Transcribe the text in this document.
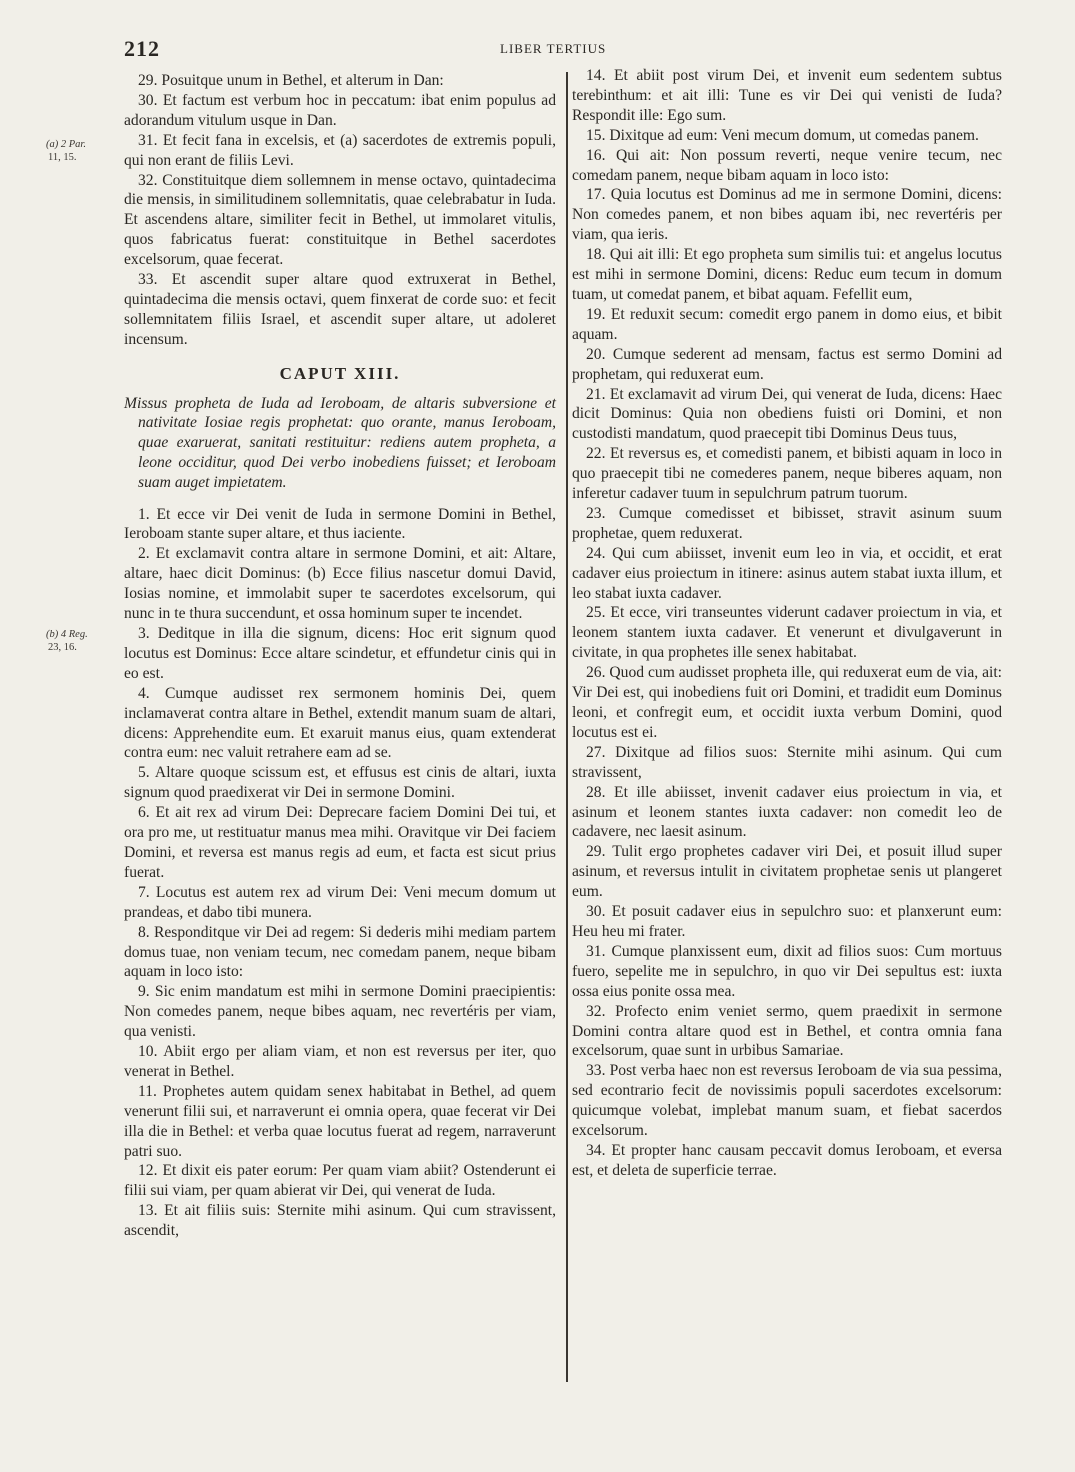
212	LIBER TERTIUS
(a) 2 Par.
11, 15.
(b) 4 Reg.
23, 16.

29. Posuitque unum in Bethel, et alterum in Dan:

30. Et factum est verbum hoc in peccatum: ibat enim populus ad adorandum vitulum usque in Dan.

31. Et fecit fana in excelsis, et (a) sacerdotes de extremis populi, qui non erant de filiis Levi.

32. Constituitque diem sollemnem in mense octavo, quintadecima die mensis, in similitudinem sollemnitatis, quae celebrabatur in Iuda. Et ascendens altare, similiter fecit in Bethel, ut immolaret vitulis, quos fabricatus fuerat: constituitque in Bethel sacerdotes excelsorum, quae fecerat.

33. Et ascendit super altare quod extruxerat in Bethel, quintadecima die mensis octavi, quem finxerat de corde suo: et fecit sollemnitatem filiis Israel, et ascendit super altare, ut adoleret incensum.

CAPUT XIII.

Missus propheta de Iuda ad Ieroboam, de altaris subversione et nativitate Iosiae regis prophetat: quo orante, manus Ieroboam, quae exaruerat, sanitati restituitur: rediens autem propheta, a leone occiditur, quod Dei verbo inobediens fuisset; et Ieroboam suam auget impietatem.

1. Et ecce vir Dei venit de Iuda in sermone Domini in Bethel, Ieroboam stante super altare, et thus iaciente.

2. Et exclamavit contra altare in sermone Domini, et ait: Altare, altare, haec dicit Dominus: (b) Ecce filius nascetur domui David, Iosias nomine, et immolabit super te sacerdotes excelsorum, qui nunc in te thura succendunt, et ossa hominum super te incendet.

3. Deditque in illa die signum, dicens: Hoc erit signum quod locutus est Dominus: Ecce altare scindetur, et effundetur cinis qui in eo est.

4. Cumque audisset rex sermonem hominis Dei, quem inclamaverat contra altare in Bethel, extendit manum suam de altari, dicens: Apprehendite eum. Et exaruit manus eius, quam extenderat contra eum: nec valuit retrahere eam ad se.

5. Altare quoque scissum est, et effusus est cinis de altari, iuxta signum quod praedixerat vir Dei in sermone Domini.

6. Et ait rex ad virum Dei: Deprecare faciem Domini Dei tui, et ora pro me, ut restituatur manus mea mihi. Oravitque vir Dei faciem Domini, et reversa est manus regis ad eum, et facta est sicut prius fuerat.

7. Locutus est autem rex ad virum Dei: Veni mecum domum ut prandeas, et dabo tibi munera.

8. Responditque vir Dei ad regem: Si dederis mihi mediam partem domus tuae, non veniam tecum, nec comedam panem, neque bibam aquam in loco isto:

9. Sic enim mandatum est mihi in sermone Domini praecipientis: Non comedes panem, neque bibes aquam, nec revertéris per viam, qua venisti.

10. Abiit ergo per aliam viam, et non est reversus per iter, quo venerat in Bethel.

11. Prophetes autem quidam senex habitabat in Bethel, ad quem venerunt filii sui, et narraverunt ei omnia opera, quae fecerat vir Dei illa die in Bethel: et verba quae locutus fuerat ad regem, narraverunt patri suo.

12. Et dixit eis pater eorum: Per quam viam abiit? Ostenderunt ei filii sui viam, per quam abierat vir Dei, qui venerat de Iuda.

13. Et ait filiis suis: Sternite mihi asinum. Qui cum stravissent, ascendit,

14. Et abiit post virum Dei, et invenit eum sedentem subtus terebinthum: et ait illi: Tune es vir Dei qui venisti de Iuda? Respondit ille: Ego sum.

15. Dixitque ad eum: Veni mecum domum, ut comedas panem.

16. Qui ait: Non possum reverti, neque venire tecum, nec comedam panem, neque bibam aquam in loco isto:

17. Quia locutus est Dominus ad me in sermone Domini, dicens: Non comedes panem, et non bibes aquam ibi, nec revertéris per viam, qua ieris.

18. Qui ait illi: Et ego propheta sum similis tui: et angelus locutus est mihi in sermone Domini, dicens: Reduc eum tecum in domum tuam, ut comedat panem, et bibat aquam. Fefellit eum,

19. Et reduxit secum: comedit ergo panem in domo eius, et bibit aquam.

20. Cumque sederent ad mensam, factus est sermo Domini ad prophetam, qui reduxerat eum.

21. Et exclamavit ad virum Dei, qui venerat de Iuda, dicens: Haec dicit Dominus: Quia non obediens fuisti ori Domini, et non custodisti mandatum, quod praecepit tibi Dominus Deus tuus,

22. Et reversus es, et comedisti panem, et bibisti aquam in loco in quo praecepit tibi ne comederes panem, neque biberes aquam, non inferetur cadaver tuum in sepulchrum patrum tuorum.

23. Cumque comedisset et bibisset, stravit asinum suum prophetae, quem reduxerat.

24. Qui cum abiisset, invenit eum leo in via, et occidit, et erat cadaver eius proiectum in itinere: asinus autem stabat iuxta illum, et leo stabat iuxta cadaver.

25. Et ecce, viri transeuntes viderunt cadaver proiectum in via, et leonem stantem iuxta cadaver. Et venerunt et divulgaverunt in civitate, in qua prophetes ille senex habitabat.

26. Quod cum audisset propheta ille, qui reduxerat eum de via, ait: Vir Dei est, qui inobediens fuit ori Domini, et tradidit eum Dominus leoni, et confregit eum, et occidit iuxta verbum Domini, quod locutus est ei.

27. Dixitque ad filios suos: Sternite mihi asinum. Qui cum stravissent,

28. Et ille abiisset, invenit cadaver eius proiectum in via, et asinum et leonem stantes iuxta cadaver: non comedit leo de cadavere, nec laesit asinum.

29. Tulit ergo prophetes cadaver viri Dei, et posuit illud super asinum, et reversus intulit in civitatem prophetae senis ut plangeret eum.

30. Et posuit cadaver eius in sepulchro suo: et planxerunt eum: Heu heu mi frater.

31. Cumque planxissent eum, dixit ad filios suos: Cum mortuus fuero, sepelite me in sepulchro, in quo vir Dei sepultus est: iuxta ossa eius ponite ossa mea.

32. Profecto enim veniet sermo, quem praedixit in sermone Domini contra altare quod est in Bethel, et contra omnia fana excelsorum, quae sunt in urbibus Samariae.

33. Post verba haec non est reversus Ieroboam de via sua pessima, sed econtrario fecit de novissimis populi sacerdotes excelsorum: quicumque volebat, implebat manum suam, et fiebat sacerdos excelsorum.

34. Et propter hanc causam peccavit domus Ieroboam, et eversa est, et deleta de superficie terrae.
